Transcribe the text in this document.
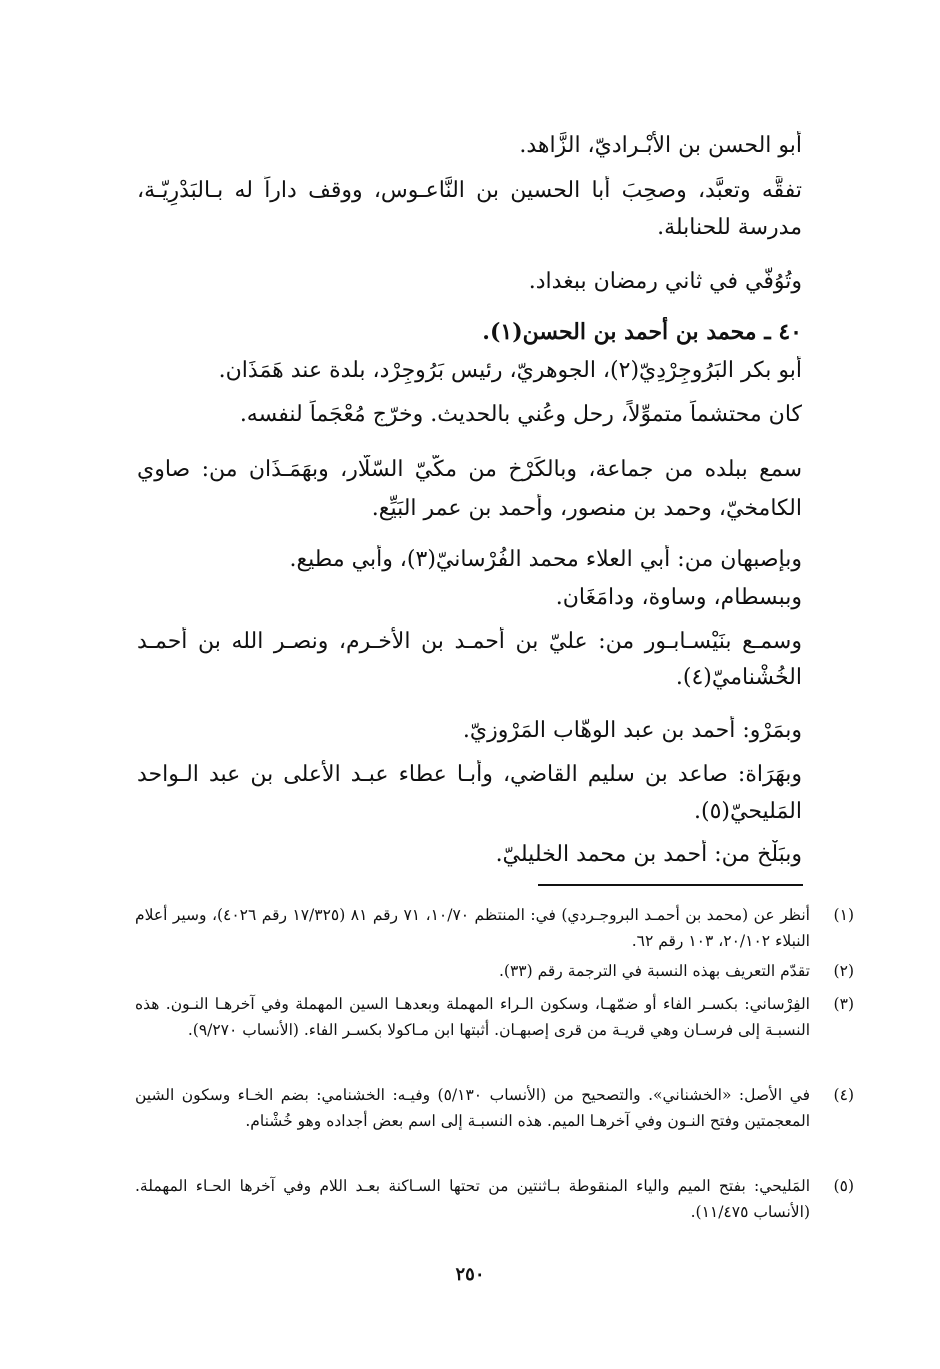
أبو الحسن بن الأَبْـراديّ، الزَّاهد.
تفقَّه وتعبَّد، وصحِبَ أبا الحسين بن النَّاعـوس، ووقف داراً له بـالبَدْرِيّـة،
مدرسة للحنابلة.
وتُوُفّي في ثاني رمضان ببغداد.
٤٠ ـ محمد بن أحمد بن الحسن(١).
أبو بكر البَرُوجِرْدِيّ(٢)، الجوهريّ، رئيس بَرُوجِرْد، بلدة عند هَمَذَان.
كان محتشماً متموِّلاً، رحل وعُني بالحديث. وخرّج مُعْجَماً لنفسه.
سمع ببلده من جماعة، وبالكَرْخ من مكّيّ السّلّار، وبهَمَـذَان من: صاوي
الكامخيّ، وحمد بن منصور، وأحمد بن عمر البَيِّع.
وبإصبهان من: أبي العلاء محمد الفُرْسانيّ(٣)، وأبي مطيع.
وببسطام، وساوة، ودامَغَان.
وسمـع بنَيْسـابـور من: عليّ بن أحمـد بن الأخـرم، ونصـر الله بن أحمـد
الخُشْناميّ(٤).
وبمَرْو: أحمد بن عبد الوهّاب المَرْوزيّ.
وبهَرَاة: صاعد بن سليم القاضي، وأبـا عطاء عبـد الأعلى بن عبد الـواحد
المَليحيّ(٥).
وببَلْخ من: أحمد بن محمد الخليليّ.
(١)
أنظر عن (محمد بن أحمـد البروجـردي) في: المنتظم ١٠/٧٠، ٧١ رقم ٨١ (١٧/٣٢٥ رقم ٤٠٢٦)، وسير أعلام النبلاء ٢٠/١٠٢، ١٠٣ رقم ٦٢.
(٢)
تقدّم التعريف بهذه النسبة في الترجمة رقم (٣٣).
(٣)
الفِرْساني: بكسـر الفاء أو ضمّهـا، وسكون الـراء المهملة وبعدهـا السين المهملة وفي آخرهـا النـون. هذه النسبـة إلى فرسـان وهي قريـة من قرى إصبهـان. أثبتها ابن مـاكولا بكسـر الفاء. (الأنساب ٩/٢٧٠).
(٤)
في الأصل: «الخشناني». والتصحيح من (الأنساب ٥/١٣٠) وفيـه: الخشنامي: بضم الخـاء وسكون الشين المعجمتين وفتح النـون وفي آخرهـا الميم. هذه النسبـة إلى اسم بعض أجداده وهو خُشْنام.
(٥)
المَليحي: بفتح الميم والياء المنقوطة بـاثنتين من تحتها السـاكنة بعـد اللام وفي آخرها الحـاء المهملة. (الأنساب ١١/٤٧٥).
٢٥٠
